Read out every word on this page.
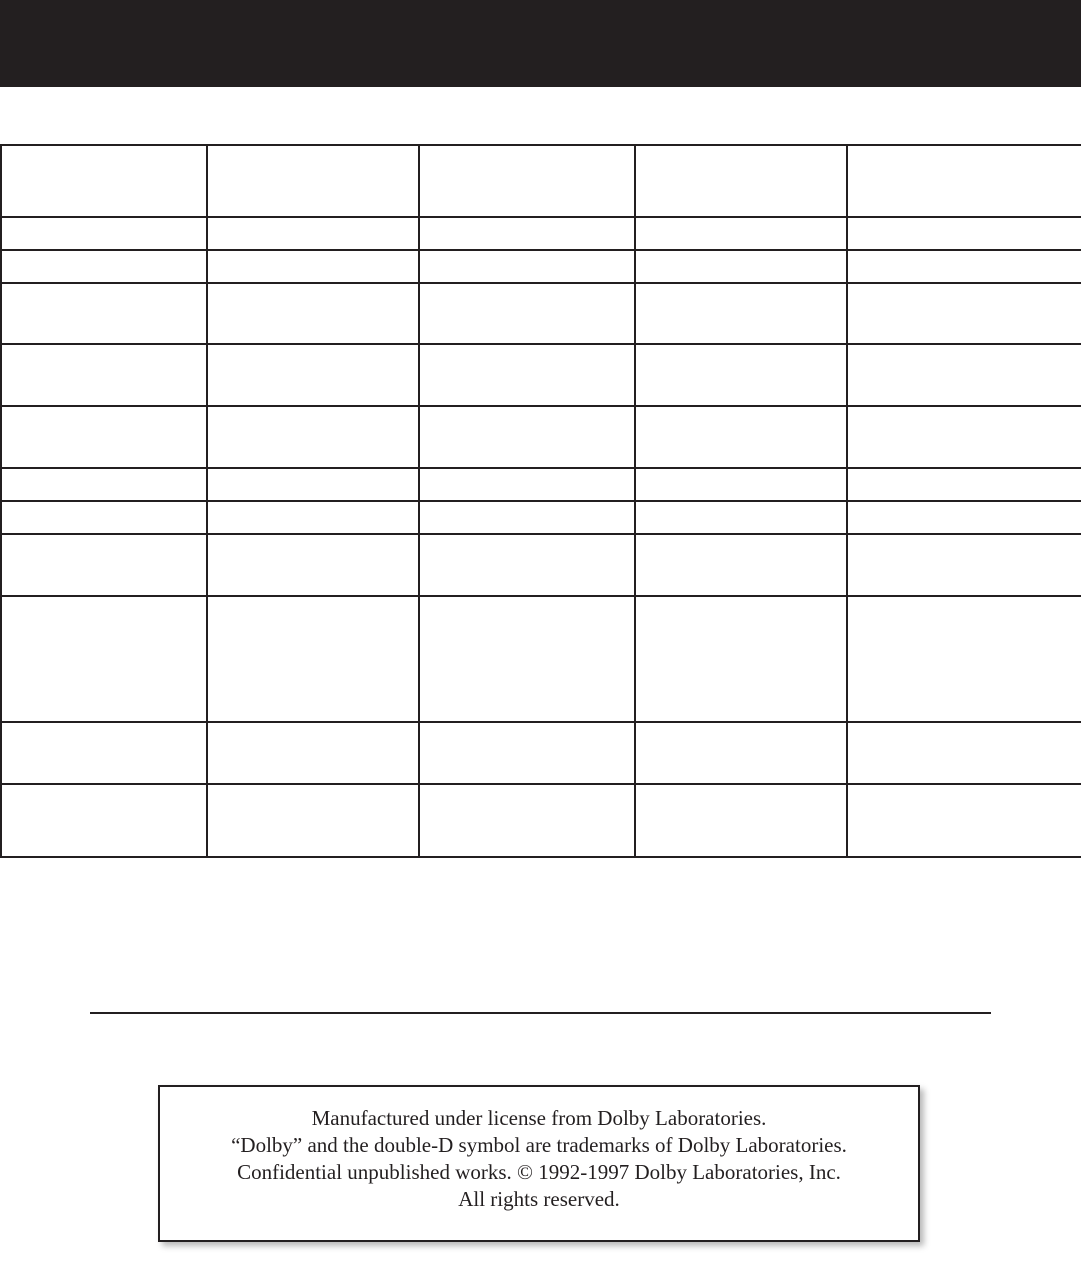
Manufactured under license from Dolby Laboratories.
“Dolby” and the double-D symbol are trademarks of Dolby Laboratories.
Confidential unpublished works. © 1992-1997 Dolby Laboratories, Inc.
All rights reserved.
